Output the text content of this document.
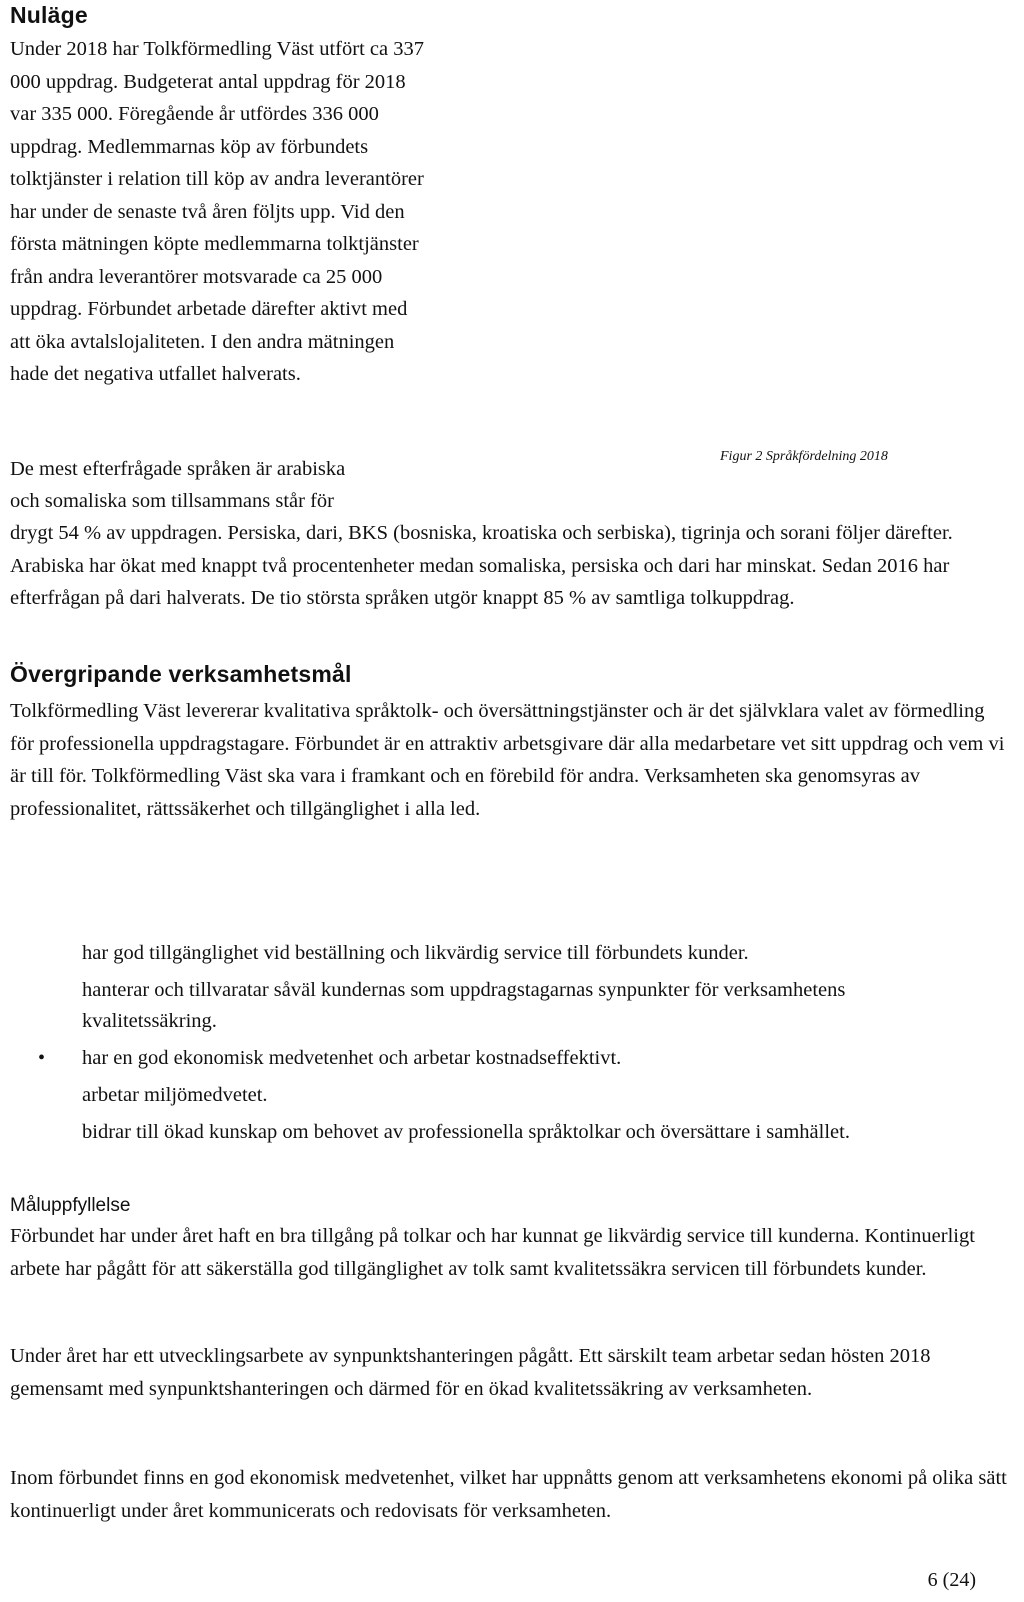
Nuläge

Under 2018 har Tolkförmedling Väst utfört ca 337 000 uppdrag. Budgeterat antal uppdrag för 2018 var 335 000. Föregående år utfördes 336 000 uppdrag. Medlemmarnas köp av förbundets tolktjänster i relation till köp av andra leverantörer har under de senaste två åren följts upp. Vid den första mätningen köpte medlemmarna tolktjänster från andra leverantörer motsvarade ca 25 000 uppdrag. Förbundet arbetade därefter aktivt med att öka avtalslojaliteten. I den andra mätningen hade det negativa utfallet halverats.

Figur 2 Språkfördelning 2018
De mest efterfrågade språken är arabiska
och somaliska som tillsammans står för

drygt 54 % av uppdragen. Persiska, dari, BKS (bosniska, kroatiska och serbiska), tigrinja och sorani följer därefter. Arabiska har ökat med knappt två procentenheter medan somaliska, persiska och dari har minskat. Sedan 2016 har efterfrågan på dari halverats. De tio största språken utgör knappt 85 % av samtliga tolkuppdrag.

Övergripande verksamhetsmål

Tolkförmedling Väst levererar kvalitativa språktolk- och översättningstjänster och är det självklara valet av förmedling för professionella uppdragstagare. Förbundet är en attraktiv arbetsgivare där alla medarbetare vet sitt uppdrag och vem vi är till för. Tolkförmedling Väst ska vara i framkant och en förebild för andra. Verksamheten ska genomsyras av professionalitet, rättssäkerhet och tillgänglighet i alla led.

har god tillgänglighet vid beställning och likvärdig service till förbundets kunder.
hanterar och tillvaratar såväl kundernas som uppdragstagarnas synpunkter för verksamhetens kvalitetssäkring.
• har en god ekonomisk medvetenhet och arbetar kostnadseffektivt.
arbetar miljömedvetet.
bidrar till ökad kunskap om behovet av professionella språktolkar och översättare i samhället.
Måluppfyllelse

Förbundet har under året haft en bra tillgång på tolkar och har kunnat ge likvärdig service till kunderna. Kontinuerligt arbete har pågått för att säkerställa god tillgänglighet av tolk samt kvalitetssäkra servicen till förbundets kunder.

Under året har ett utvecklingsarbete av synpunktshanteringen pågått. Ett särskilt team arbetar sedan hösten 2018 gemensamt med synpunktshanteringen och därmed för en ökad kvalitetssäkring av verksamheten.

Inom förbundet finns en god ekonomisk medvetenhet, vilket har uppnåtts genom att verksamhetens ekonomi på olika sätt kontinuerligt under året kommunicerats och redovisats för verksamheten.

6 (24)
